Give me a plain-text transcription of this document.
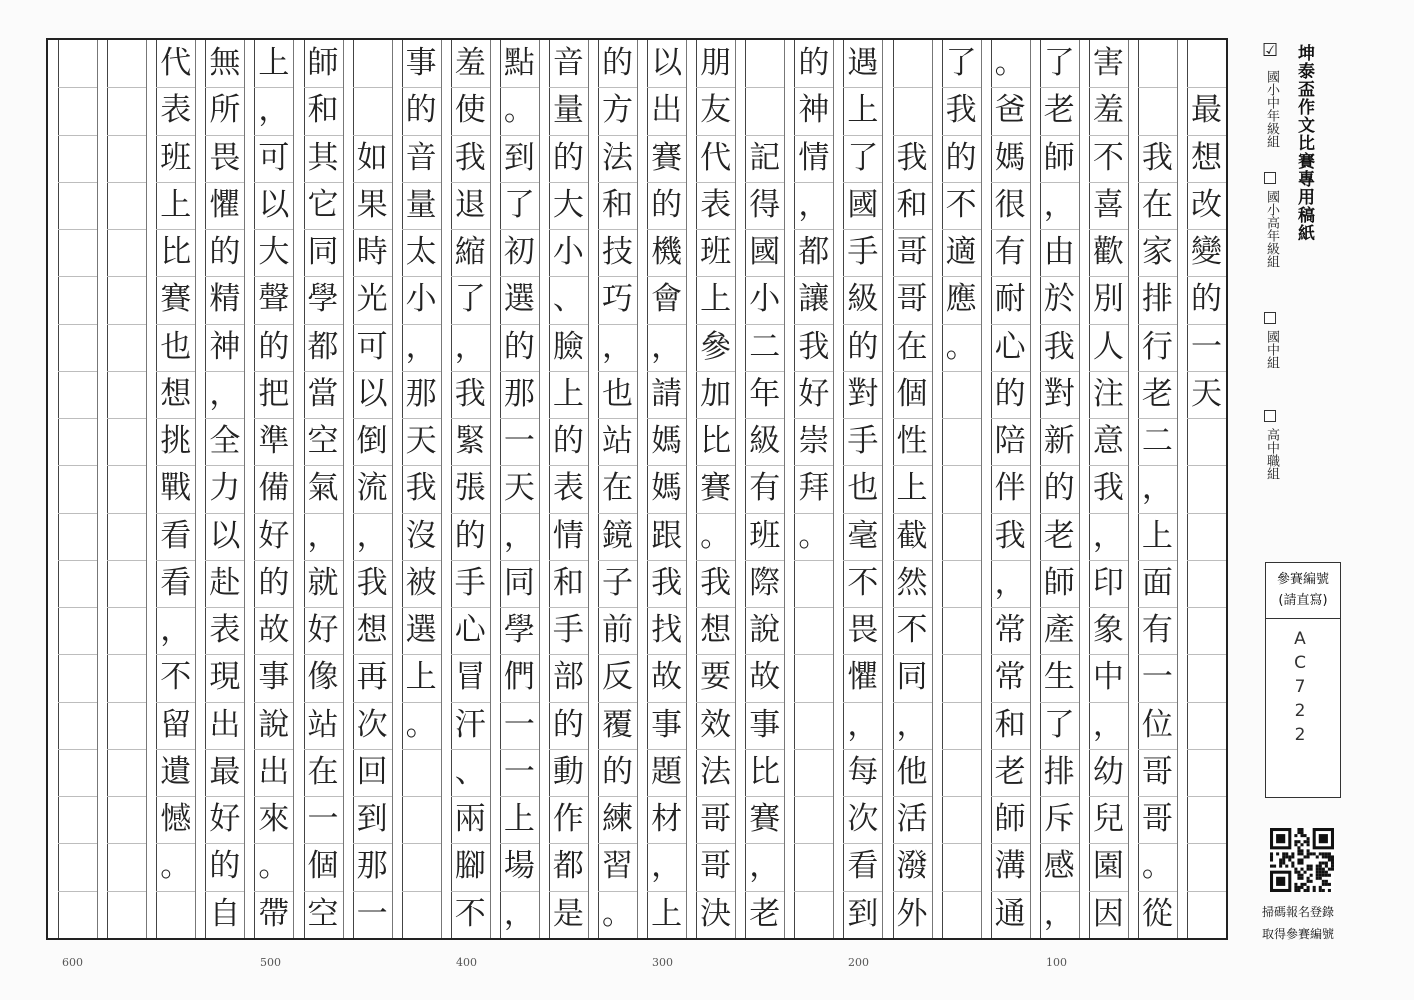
最
想
改
變
的
一
天
我
在
家
排
行
老
二
，
上
面
有
一
位
哥
哥
。
從
害
羞
不
喜
歡
別
人
注
意
我
，
印
象
中
，
幼
兒
園
因
了
老
師
，
由
於
我
對
新
的
老
師
產
生
了
排
斥
感
，
。
爸
媽
很
有
耐
心
的
陪
伴
我
，
常
常
和
老
師
溝
通
了
我
的
不
適
應
。
我
和
哥
哥
在
個
性
上
截
然
不
同
，
他
活
潑
外
遇
上
了
國
手
級
的
對
手
也
毫
不
畏
懼
，
每
次
看
到
的
神
情
，
都
讓
我
好
崇
拜
。
記
得
國
小
二
年
級
有
班
際
說
故
事
比
賽
，
老
朋
友
代
表
班
上
參
加
比
賽
。
我
想
要
效
法
哥
哥
決
以
出
賽
的
機
會
，
請
媽
媽
跟
我
找
故
事
題
材
，
上
的
方
法
和
技
巧
，
也
站
在
鏡
子
前
反
覆
的
練
習
。
音
量
的
大
小
、
臉
上
的
表
情
和
手
部
的
動
作
都
是
點
。
到
了
初
選
的
那
一
天
，
同
學
們
一
一
上
場
，
羞
使
我
退
縮
了
，
我
緊
張
的
手
心
冒
汗
、
兩
腳
不
事
的
音
量
太
小
，
那
天
我
沒
被
選
上
。
如
果
時
光
可
以
倒
流
，
我
想
再
次
回
到
那
一
師
和
其
它
同
學
都
當
空
氣
，
就
好
像
站
在
一
個
空
上
，
可
以
大
聲
的
把
準
備
好
的
故
事
說
出
來
。
帶
無
所
畏
懼
的
精
神
，
全
力
以
赴
表
現
出
最
好
的
自
代
表
班
上
比
賽
也
想
挑
戰
看
看
，
不
留
遺
憾
。
600	500	400	300	200	100
坤泰盃作文比賽專用稿紙
☑
國小中年級組
國小高年級組
國中組
高中職組
參賽編號
(請直寫)
AC722
掃碼報名登錄
取得參賽編號
